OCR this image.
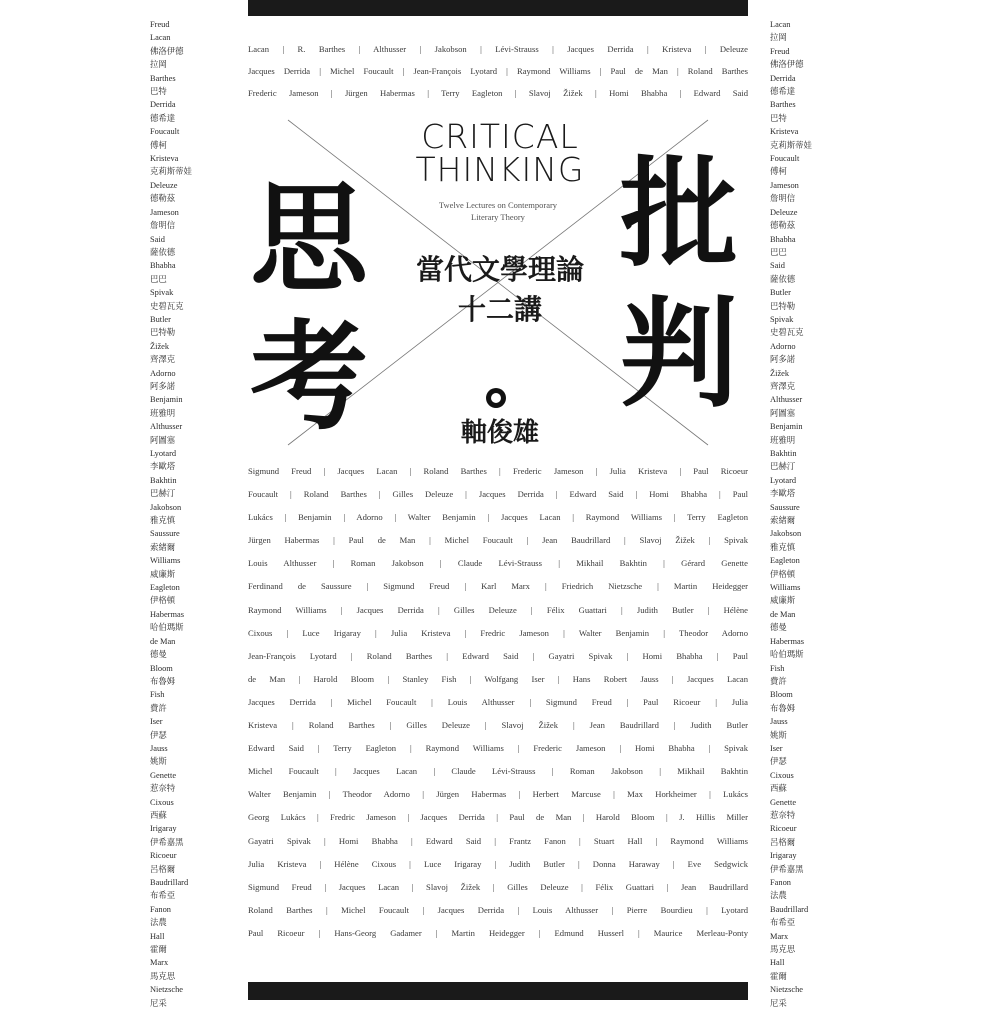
Freud
Lacan
佛洛伊德
拉岡
Barthes
巴特
Derrida
德希達
Foucault
傅柯
Kristeva
克莉斯蒂娃
Deleuze
德勒茲
Jameson
詹明信
Said
薩依德
Bhabha
巴巴
Spivak
史碧瓦克
Butler
巴特勒
Žižek
齊澤克
Adorno
阿多諾
Benjamin
班雅明
Althusser
阿圖塞
Lyotard
李歐塔
Bakhtin
巴赫汀
Jakobson
雅克慎
Saussure
索緒爾
Williams
威廉斯
Eagleton
伊格頓
Habermas
哈伯瑪斯
de Man
德曼
Bloom
布魯姆
Fish
費許
Iser
伊瑟
Jauss
姚斯
Genette
惹奈特
Cixous
西蘇
Irigaray
伊希嘉黑
Ricoeur
呂格爾
Baudrillard
布希亞
Fanon
法農
Hall
霍爾
Marx
馬克思
Nietzsche
尼采
Lacan
拉岡
Freud
佛洛伊德
Derrida
德希達
Barthes
巴特
Kristeva
克莉斯蒂娃
Foucault
傅柯
Jameson
詹明信
Deleuze
德勒茲
Bhabha
巴巴
Said
薩依德
Butler
巴特勒
Spivak
史碧瓦克
Adorno
阿多諾
Žižek
齊澤克
Althusser
阿圖塞
Benjamin
班雅明
Bakhtin
巴赫汀
Lyotard
李歐塔
Saussure
索緒爾
Jakobson
雅克慎
Eagleton
伊格頓
Williams
威廉斯
de Man
德曼
Habermas
哈伯瑪斯
Fish
費許
Bloom
布魯姆
Jauss
姚斯
Iser
伊瑟
Cixous
西蘇
Genette
惹奈特
Ricoeur
呂格爾
Irigaray
伊希嘉黑
Fanon
法農
Baudrillard
布希亞
Marx
馬克思
Hall
霍爾
Nietzsche
尼采
Lacan | R. Barthes | Althusser | Jakobson | Lévi-Strauss | Jacques Derrida | Kristeva | Deleuze
Jacques Derrida | Michel Foucault | Jean-François Lyotard | Raymond Williams | Paul de Man | Roland Barthes
Frederic Jameson | Jürgen Habermas | Terry Eagleton | Slavoj Žižek | Homi Bhabha | Edward Said
CRITICAL
THINKING
Twelve Lectures on Contemporary
Literary Theory
當代文學理論
十二講
思
考
批
判
軸俊雄
Sigmund Freud | Jacques Lacan | Roland Barthes | Frederic Jameson | Julia Kristeva | Paul Ricoeur
Foucault | Roland Barthes | Gilles Deleuze | Jacques Derrida | Edward Said | Homi Bhabha | Paul
Lukács | Benjamin | Adorno | Walter Benjamin | Jacques Lacan | Raymond Williams | Terry Eagleton
Jürgen Habermas | Paul de Man | Michel Foucault | Jean Baudrillard | Slavoj Žižek | Spivak
Louis Althusser | Roman Jakobson | Claude Lévi-Strauss | Mikhail Bakhtin | Gérard Genette
Ferdinand de Saussure | Sigmund Freud | Karl Marx | Friedrich Nietzsche | Martin Heidegger
Raymond Williams | Jacques Derrida | Gilles Deleuze | Félix Guattari | Judith Butler | Hélène
Cixous | Luce Irigaray | Julia Kristeva | Fredric Jameson | Walter Benjamin | Theodor Adorno
Jean-François Lyotard | Roland Barthes | Edward Said | Gayatri Spivak | Homi Bhabha | Paul
de Man | Harold Bloom | Stanley Fish | Wolfgang Iser | Hans Robert Jauss | Jacques Lacan
Jacques Derrida | Michel Foucault | Louis Althusser | Sigmund Freud | Paul Ricoeur | Julia
Kristeva | Roland Barthes | Gilles Deleuze | Slavoj Žižek | Jean Baudrillard | Judith Butler
Edward Said | Terry Eagleton | Raymond Williams | Frederic Jameson | Homi Bhabha | Spivak
Michel Foucault | Jacques Lacan | Claude Lévi-Strauss | Roman Jakobson | Mikhail Bakhtin
Walter Benjamin | Theodor Adorno | Jürgen Habermas | Herbert Marcuse | Max Horkheimer | Lukács
Georg Lukács | Fredric Jameson | Jacques Derrida | Paul de Man | Harold Bloom | J. Hillis Miller
Gayatri Spivak | Homi Bhabha | Edward Said | Frantz Fanon | Stuart Hall | Raymond Williams
Julia Kristeva | Hélène Cixous | Luce Irigaray | Judith Butler | Donna Haraway | Eve Sedgwick
Sigmund Freud | Jacques Lacan | Slavoj Žižek | Gilles Deleuze | Félix Guattari | Jean Baudrillard
Roland Barthes | Michel Foucault | Jacques Derrida | Louis Althusser | Pierre Bourdieu | Lyotard
Paul Ricoeur | Hans-Georg Gadamer | Martin Heidegger | Edmund Husserl | Maurice Merleau-Ponty
